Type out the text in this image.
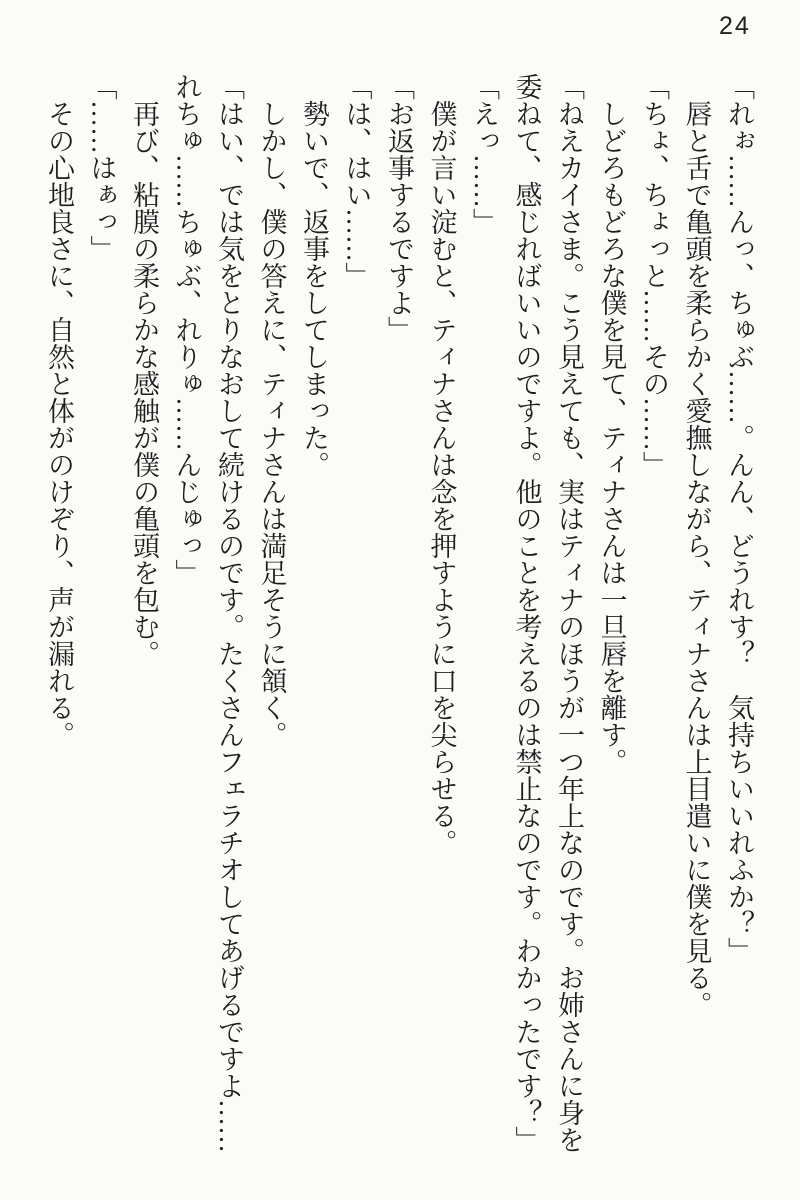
24

「れぉ……んっ、ちゅぶ……。んん、どうれす？　気持ちいいれふか？」

唇と舌で亀頭を柔らかく愛撫しながら、ティナさんは上目遣いに僕を見る。

「ちょ、ちょっと……その……」

しどろもどろな僕を見て、ティナさんは一旦唇を離す。

「ねえカイさま。こう見えても、実はティナのほうが一つ年上なのです。お姉さんに身を委ねて、感じればいいのですよ。他のことを考えるのは禁止なのです。わかったです？」

「えっ……」

僕が言い淀むと、ティナさんは念を押すように口を尖らせる。

「お返事するですよ」

「は、はい……」

勢いで、返事をしてしまった。

しかし、僕の答えに、ティナさんは満足そうに頷く。

「はい、では気をとりなおして続けるのです。たくさんフェラチオしてあげるですよ……れちゅ……ちゅぶ、れりゅ……んじゅっ」

再び、粘膜の柔らかな感触が僕の亀頭を包む。

「……はぁっ」

その心地良さに、自然と体がのけぞり、声が漏れる。
